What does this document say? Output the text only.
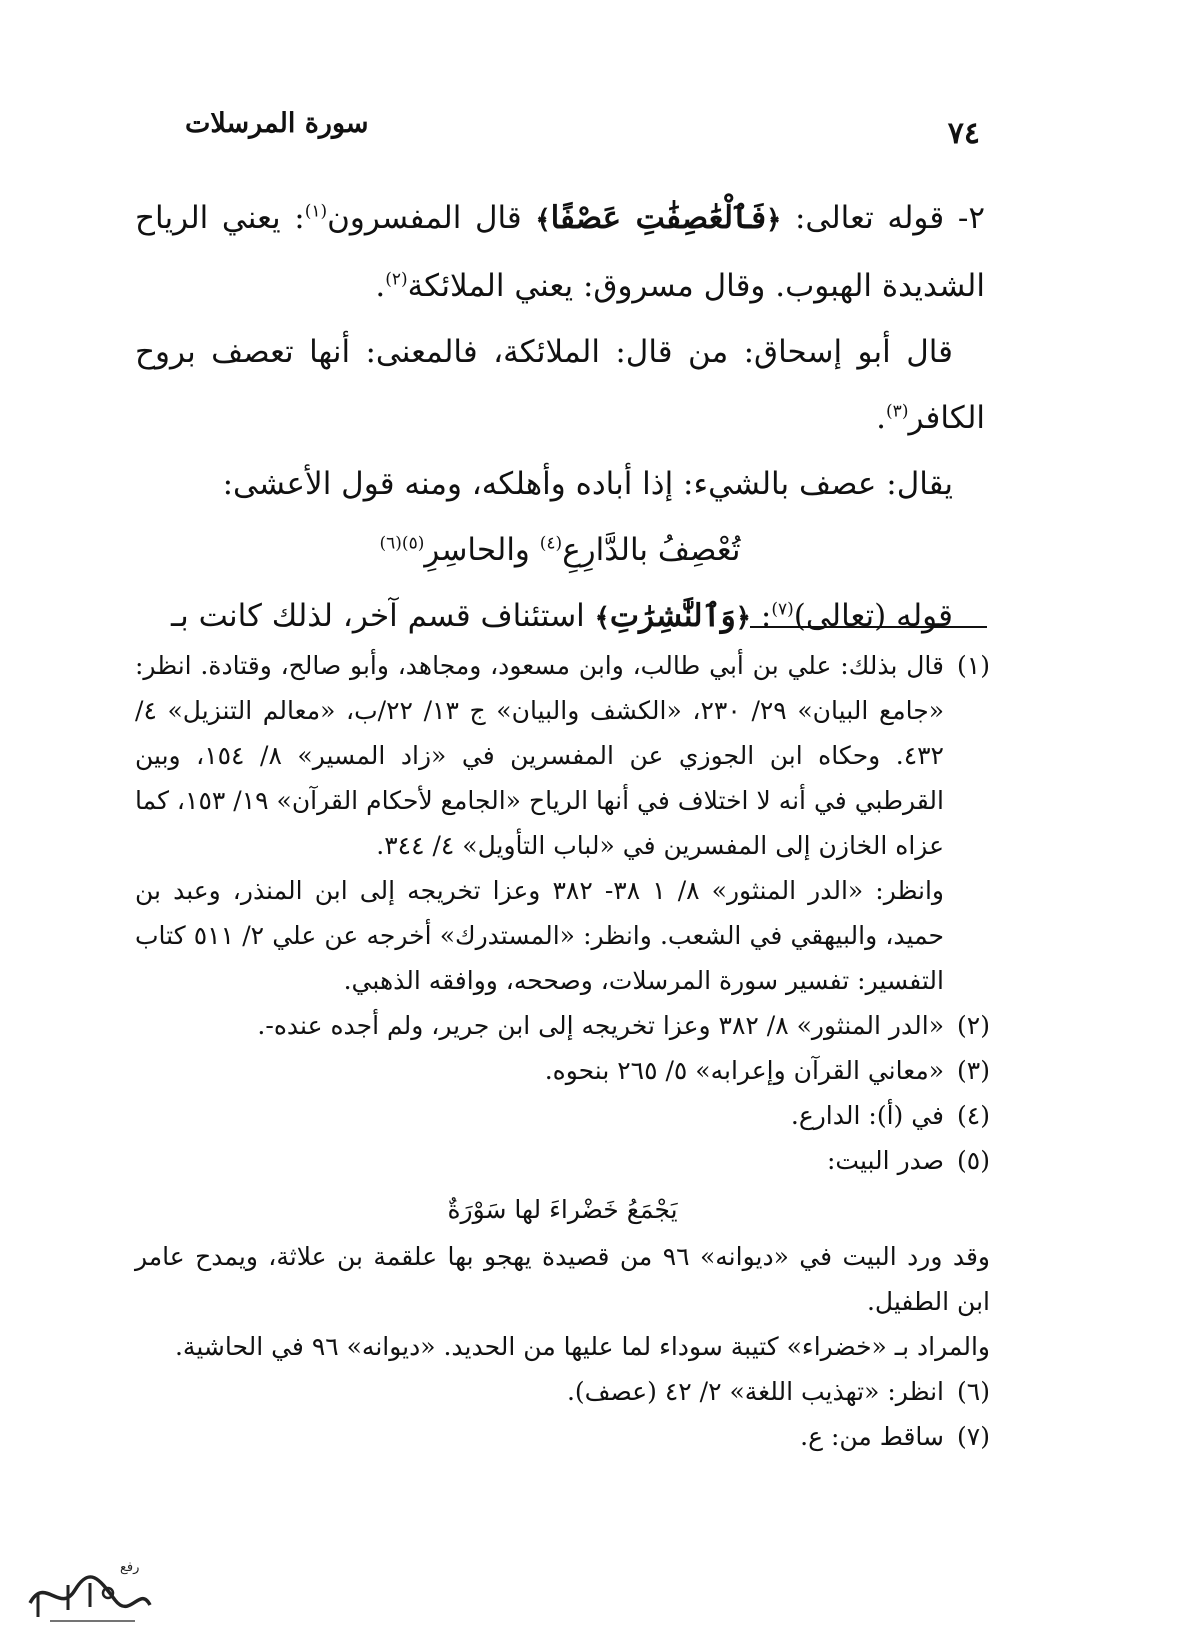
سورة المرسلات	٧٤

٢- قوله تعالى: ﴿فَٱلْعَٰصِفَٰتِ عَصْفًا﴾ قال المفسرون$^{(١)}$: يعني الرياح الشديدة الهبوب. وقال مسروق: يعني الملائكة$^{(٢)}$.

قال أبو إسحاق: من قال: الملائكة، فالمعنى: أنها تعصف بروح الكافر$^{(٣)}$.

يقال: عصف بالشيء: إذا أباده وأهلكه، ومنه قول الأعشى:

تُعْصِفُ بالدَّارِعِ$^{(٤)}$ والحاسِرِ$^{(٥)(٦)}$

قوله (تعالى)$^{(٧)}$: ﴿وَٱلنَّٰشِرَٰتِ﴾ استئناف قسم آخر، لذلك كانت بـ

(١)

قال بذلك: علي بن أبي طالب، وابن مسعود، ومجاهد، وأبو صالح، وقتادة. انظر: «جامع البيان» ٢٩/ ٢٣٠، «الكشف والبيان» ج ١٣/ ٢٢/ب، «معالم التنزيل» ٤/ ٤٣٢. وحكاه ابن الجوزي عن المفسرين في «زاد المسير» ٨/ ١٥٤، وبين القرطبي في أنه لا اختلاف في أنها الرياح «الجامع لأحكام القرآن» ١٩/ ١٥٣، كما عزاه الخازن إلى المفسرين في «لباب التأويل» ٤/ ٣٤٤.

وانظر: «الدر المنثور» ٨/ ١ ٣٨- ٣٨٢ وعزا تخريجه إلى ابن المنذر، وعبد بن حميد، والبيهقي في الشعب. وانظر: «المستدرك» أخرجه عن علي ٢/ ٥١١ كتاب التفسير: تفسير سورة المرسلات، وصححه، ووافقه الذهبي.

(٢)

«الدر المنثور» ٨/ ٣٨٢ وعزا تخريجه إلى ابن جرير، ولم أجده عنده-.

(٣)

«معاني القرآن وإعرابه» ٥/ ٢٦٥ بنحوه.

(٤)

في (أ): الدارع.

(٥)

صدر البيت:

يَجْمَعُ خَضْراءَ لها سَوْرَةٌ

وقد ورد البيت في «ديوانه» ٩٦ من قصيدة يهجو بها علقمة بن علاثة، ويمدح عامر ابن الطفيل.

والمراد بـ «خضراء» كتيبة سوداء لما عليها من الحديد. «ديوانه» ٩٦ في الحاشية.

(٦)

انظر: «تهذيب اللغة» ٢/ ٤٢ (عصف).

(٧)

ساقط من: ع.

رفع
